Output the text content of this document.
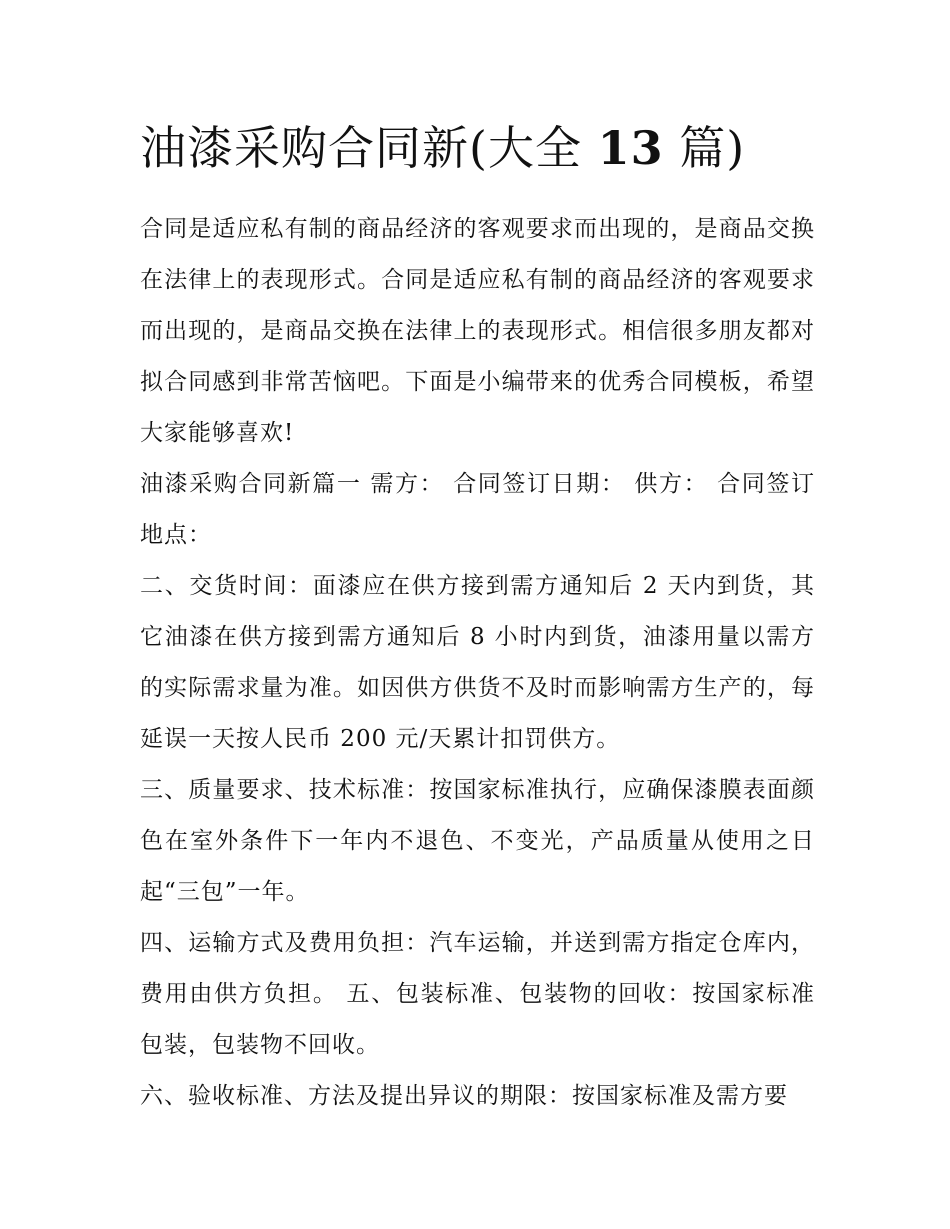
油漆采购合同新(大全 13 篇)

合同是适应私有制的商品经济的客观要求而出现的，是商品交换在法律上的表现形式。合同是适应私有制的商品经济的客观要求而出现的，是商品交换在法律上的表现形式。相信很多朋友都对拟合同感到非常苦恼吧。下面是小编带来的优秀合同模板，希望大家能够喜欢!

油漆采购合同新篇一 需方： 合同签订日期： 供方： 合同签订地点：

二、交货时间：面漆应在供方接到需方通知后 2 天内到货，其它油漆在供方接到需方通知后 8 小时内到货，油漆用量以需方的实际需求量为准。如因供方供货不及时而影响需方生产的，每延误一天按人民币 200 元/天累计扣罚供方。

三、质量要求、技术标准：按国家标准执行，应确保漆膜表面颜色在室外条件下一年内不退色、不变光，产品质量从使用之日起“三包”一年。

四、运输方式及费用负担：汽车运输，并送到需方指定仓库内，费用由供方负担。 五、包装标准、包装物的回收：按国家标准包装，包装物不回收。

六、验收标准、方法及提出异议的期限：按国家标准及需方要
